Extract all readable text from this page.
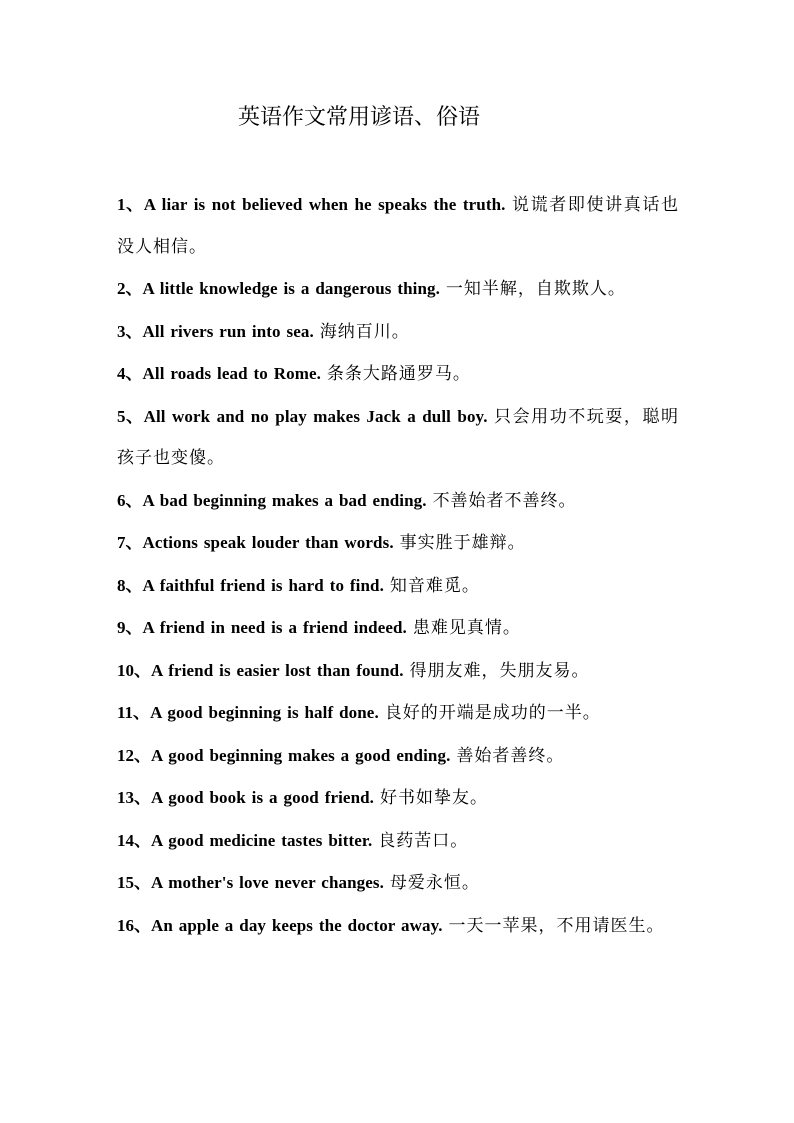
英语作文常用谚语、俗语
1、A liar is not believed when he speaks the truth. 说谎者即使讲真话也没人相信。
2、A little knowledge is a dangerous thing. 一知半解，自欺欺人。
3、All rivers run into sea. 海纳百川。
4、All roads lead to Rome. 条条大路通罗马。
5、All work and no play makes Jack a dull boy. 只会用功不玩耍，聪明孩子也变傻。
6、A bad beginning makes a bad ending. 不善始者不善终。
7、Actions speak louder than words. 事实胜于雄辩。
8、A faithful friend is hard to find. 知音难觅。
9、A friend in need is a friend indeed. 患难见真情。
10、A friend is easier lost than found. 得朋友难，失朋友易。
11、A good beginning is half done. 良好的开端是成功的一半。
12、A good beginning makes a good ending. 善始者善终。
13、A good book is a good friend. 好书如挚友。
14、A good medicine tastes bitter. 良药苦口。
15、A mother's love never changes. 母爱永恒。
16、An apple a day keeps the doctor away. 一天一苹果，不用请医生。
